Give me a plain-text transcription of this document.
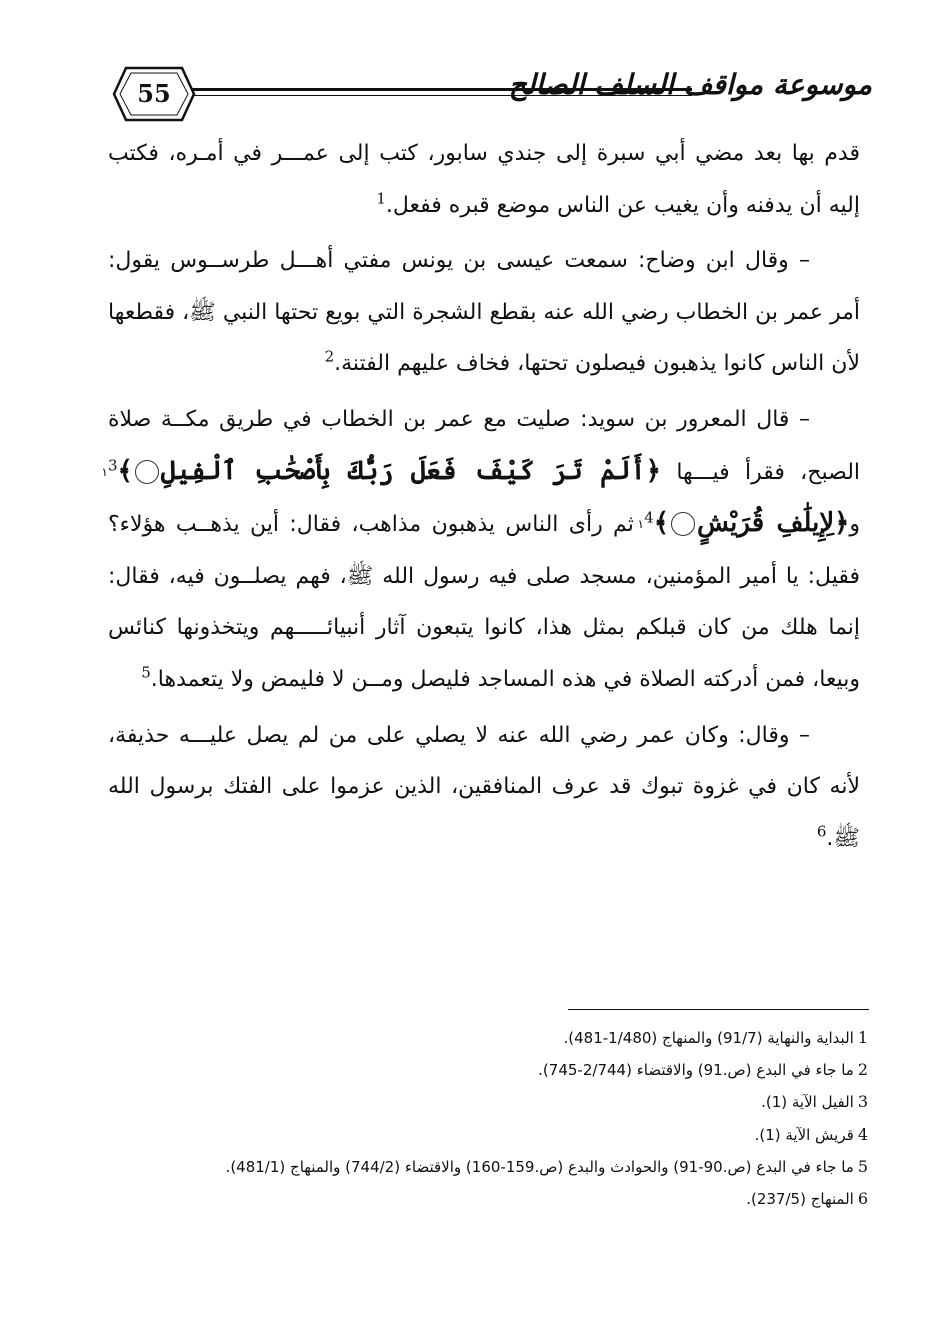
55	موسوعة مواقف السلف الصالح

قدم بها بعد مضي أبي سبرة إلى جندي سابور، كتب إلى عمـــر في أمـره، فكتب إليه أن يدفنه وأن يغيب عن الناس موضع قبره ففعل.$^1$

– وقال ابن وضاح: سمعت عيسى بن يونس مفتي أهـــل طرســوس يقول: أمر عمر بن الخطاب رضي الله عنه بقطع الشجرة التي بويع تحتها النبي ﷺ، فقطعها لأن الناس كانوا يذهبون فيصلون تحتها، فخاف عليهم الفتنة.$^2$

– قال المعرور بن سويد: صليت مع عمر بن الخطاب في طريق مكــة صلاة الصبح، فقرأ فيـــها ﴿أَلَمْ تَرَ كَيْفَ فَعَلَ رَبُّكَ بِأَصْحَٰبِ ٱلْفِيلِ١ ﴾$^3$ و﴿لِإِيلَٰفِ قُرَيْشٍ١ ﴾$^4$ ثم رأى الناس يذهبون مذاهب، فقال: أين يذهــب هؤلاء؟ فقيل: يا أمير المؤمنين، مسجد صلى فيه رسول الله ﷺ، فهم يصلــون فيه، فقال: إنما هلك من كان قبلكم بمثل هذا، كانوا يتبعون آثار أنبيائـــــهم ويتخذونها كنائس وبيعا، فمن أدركته الصلاة في هذه المساجد فليصل ومــن لا فليمض ولا يتعمدها.$^5$

– وقال: وكان عمر رضي الله عنه لا يصلي على من لم يصل عليـــه حذيفة، لأنه كان في غزوة تبوك قد عرف المنافقين، الذين عزموا على الفتك برسول الله ﷺ.$^6$

1البداية والنهاية (91/7) والمنهاج (1/480-481).

2ما جاء في البدع (ص.91) والاقتضاء (2/744-745).

3الفيل الآية (1).

4قريش الآية (1).

5ما جاء في البدع (ص.90-91) والحوادث والبدع (ص.159-160) والاقتضاء (744/2) والمنهاج (481/1).

6المنهاج (237/5).
